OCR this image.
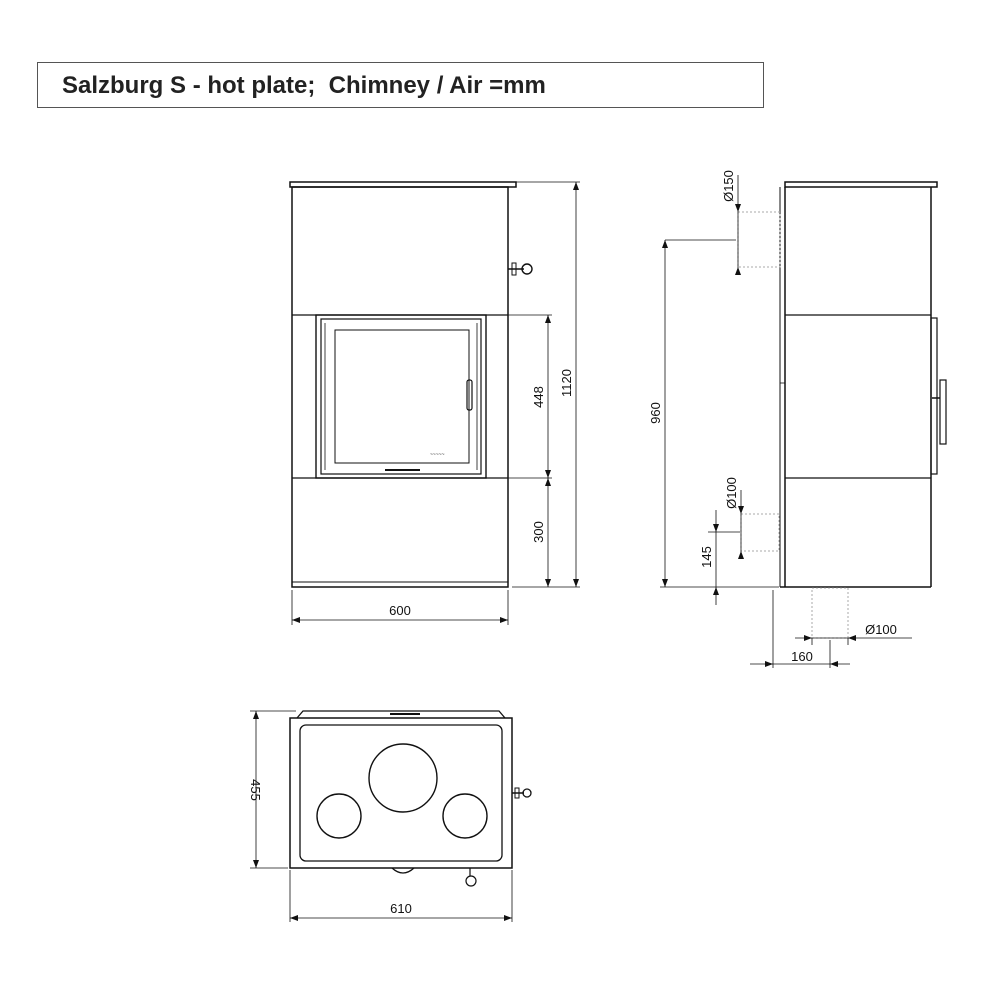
Salzburg S - hot plate;  Chimney / Air =mm
~~~~~
1120
448
300
600
Ø150
960
Ø100
145
Ø100
160
455
610
